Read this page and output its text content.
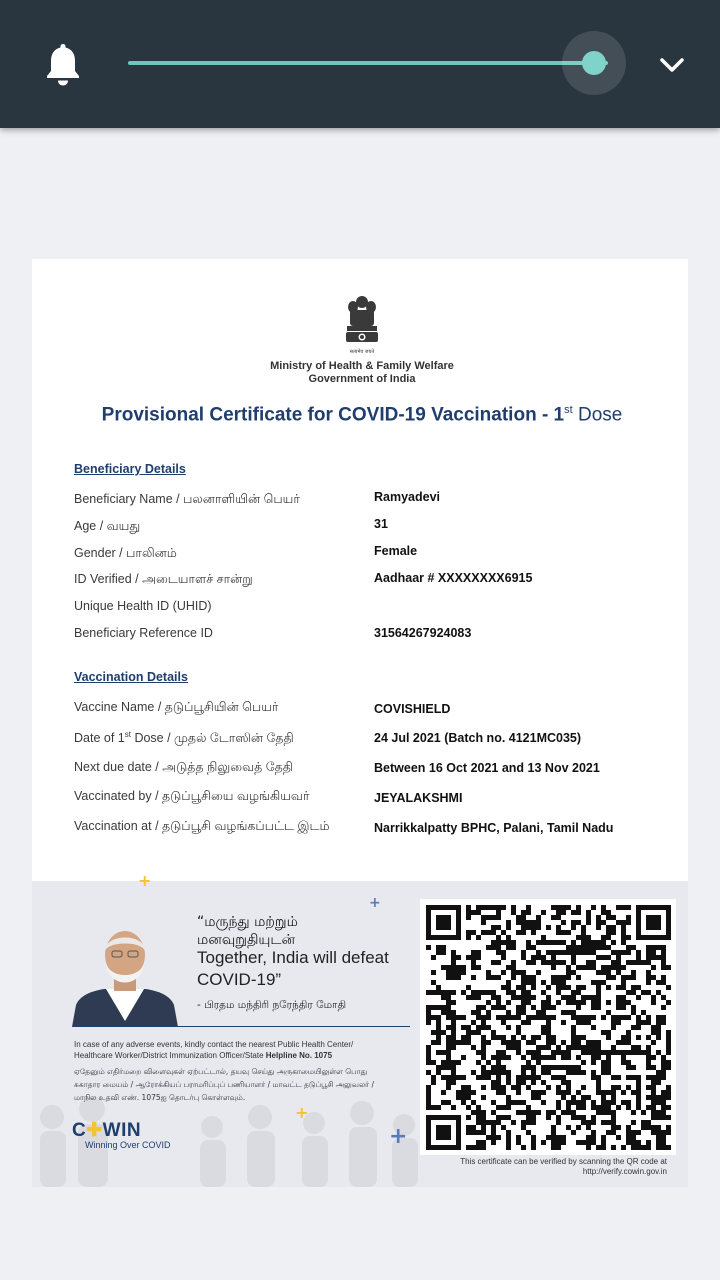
सत्यमेव जयते
Ministry of Health & Family Welfare
Government of India
Provisional Certificate for COVID-19 Vaccination - 1st Dose
Beneficiary Details
Beneficiary Name / பலனாளியின் பெயர்	Ramyadevi
Age / வயது	31
Gender / பாலினம்	Female
ID Verified / அடையாளச் சான்று	Aadhaar # XXXXXXXX6915
Unique Health ID (UHID)
Beneficiary Reference ID	31564267924083
Vaccination Details
Vaccine Name / தடுப்பூசியின் பெயர்	COVISHIELD
Date of 1st Dose / முதல் டோஸின் தேதி	24 Jul 2021 (Batch no. 4121MC035)
Next due date / அடுத்த நிலுவைத் தேதி	Between 16 Oct 2021 and 13 Nov 2021
Vaccinated by / தடுப்பூசியை வழங்கியவர்	JEYALAKSHMI
Vaccination at / தடுப்பூசி வழங்கப்பட்ட இடம்	Narrikkalpatty BPHC, Palani, Tamil Nadu
“மருந்து மற்றும்
மனவுறுதியுடன்
Together, India will defeat
COVID-19”
- பிரதம மந்திரி நரேந்திர மோதி
In case of any adverse events, kindly contact the nearest Public Health Center/
Healthcare Worker/District Immunization Officer/State Helpline No. 1075
ஏதேனும் எதிர்மறை விளைவுகள் ஏற்பட்டால், தயவு செய்து அருகாமையிலுள்ள பொது
சுகாதார மையம் / ஆரோக்கியப் பராமரிப்புப் பணியாளர் / மாவட்ட தடுப்பூசி அலுவலர் /
மாநில உதவி எண். 1075ஐ தொடர்பு கொள்ளவும்.
C✚WIN
Winning Over COVID
+
+
+
+
This certificate can be verified by scanning the QR code at
http://verify.cowin.gov.in
